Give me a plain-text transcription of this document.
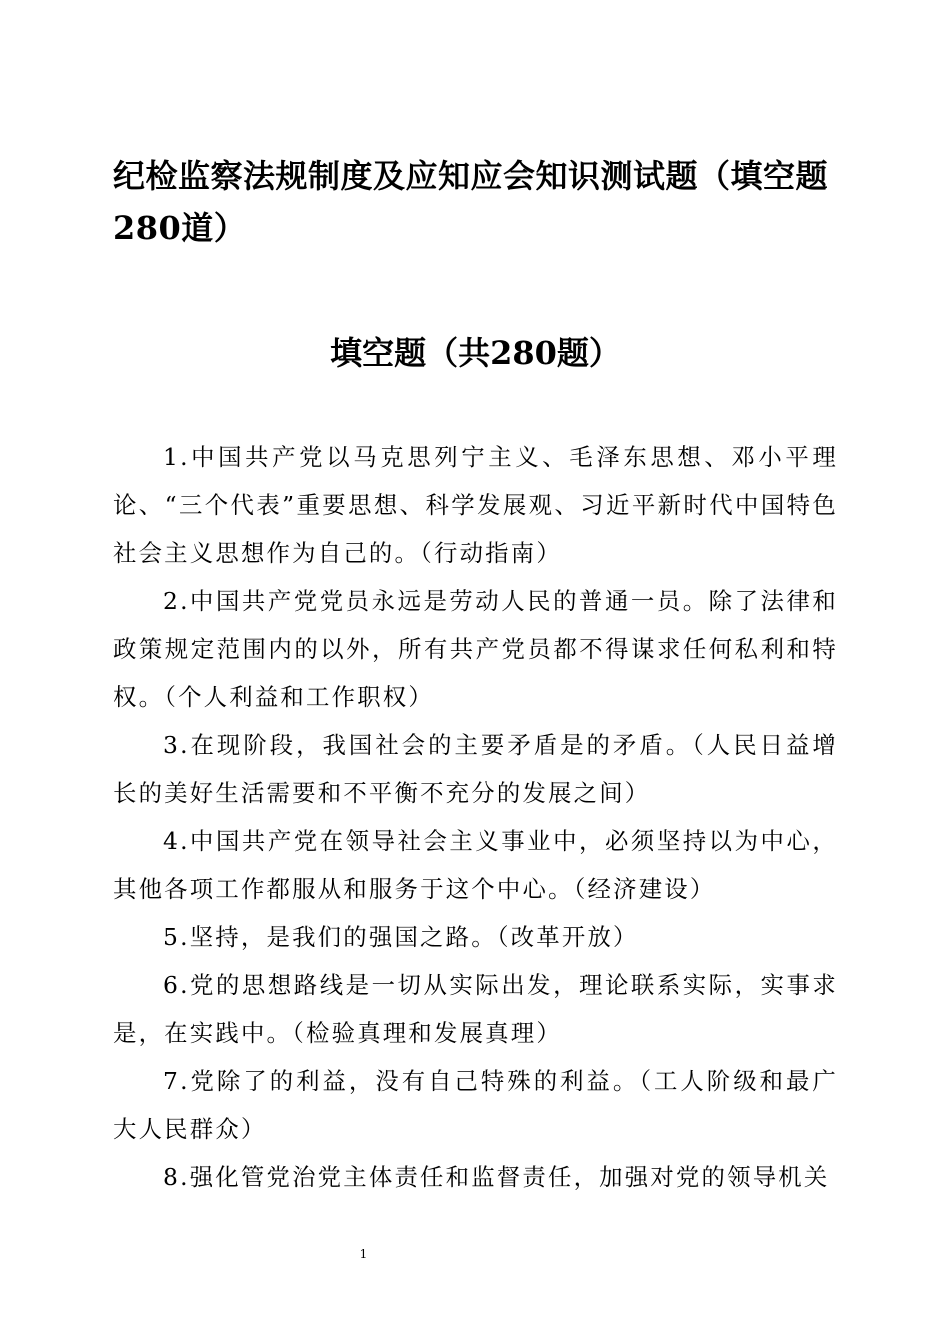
纪检监察法规制度及应知应会知识测试题（填空题280道）
填空题（共280题）

1.中国共产党以马克思列宁主义、毛泽东思想、邓小平理论、“三个代表”重要思想、科学发展观、习近平新时代中国特色社会主义思想作为自己的。（行动指南）

2.中国共产党党员永远是劳动人民的普通一员。除了法律和政策规定范围内的以外，所有共产党员都不得谋求任何私利和特权。（个人利益和工作职权）

3.在现阶段，我国社会的主要矛盾是的矛盾。（人民日益增长的美好生活需要和不平衡不充分的发展之间）

4.中国共产党在领导社会主义事业中，必须坚持以为中心，其他各项工作都服从和服务于这个中心。（经济建设）

5.坚持，是我们的强国之路。（改革开放）

6.党的思想路线是一切从实际出发，理论联系实际，实事求是，在实践中。（检验真理和发展真理）

7.党除了的利益，没有自己特殊的利益。（工人阶级和最广大人民群众）

8.强化管党治党主体责任和监督责任，加强对党的领导机关

1
